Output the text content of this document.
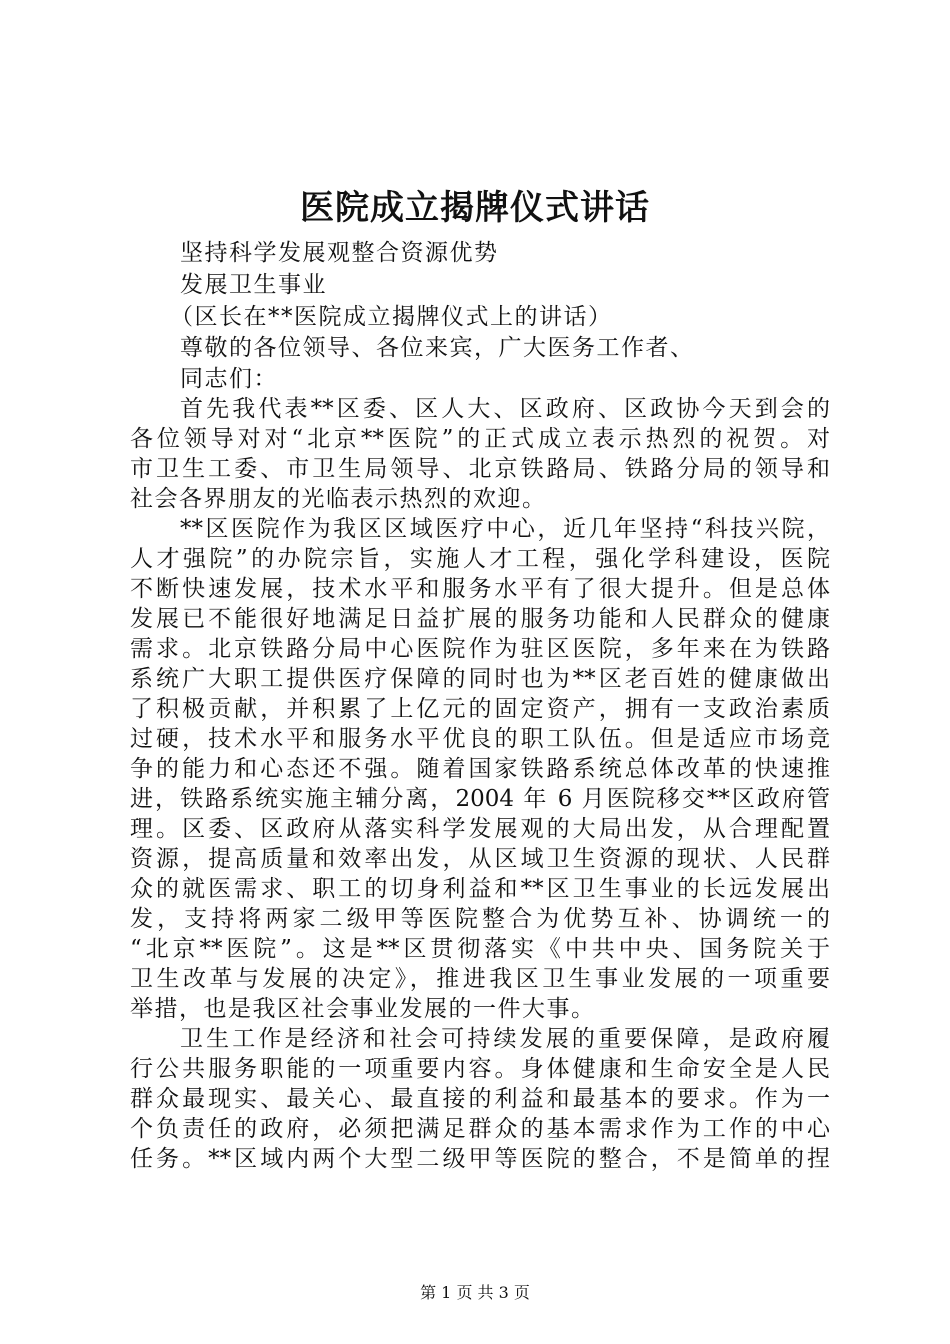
医院成立揭牌仪式讲话
坚持科学发展观整合资源优势
发展卫生事业
（区长在**医院成立揭牌仪式上的讲话）
尊敬的各位领导、各位来宾，广大医务工作者、
同志们：
首先我代表**区委、区人大、区政府、区政协今天到会的
各位领导对对“北京**医院”的正式成立表示热烈的祝贺。对
市卫生工委、市卫生局领导、北京铁路局、铁路分局的领导和
社会各界朋友的光临表示热烈的欢迎。
**区医院作为我区区域医疗中心，近几年坚持“科技兴院，
人才强院”的办院宗旨，实施人才工程，强化学科建设，医院
不断快速发展，技术水平和服务水平有了很大提升。但是总体
发展已不能很好地满足日益扩展的服务功能和人民群众的健康
需求。北京铁路分局中心医院作为驻区医院，多年来在为铁路
系统广大职工提供医疗保障的同时也为**区老百姓的健康做出
了积极贡献，并积累了上亿元的固定资产，拥有一支政治素质
过硬，技术水平和服务水平优良的职工队伍。但是适应市场竞
争的能力和心态还不强。随着国家铁路系统总体改革的快速推
进，铁路系统实施主辅分离，2004 年 6 月医院移交**区政府管
理。区委、区政府从落实科学发展观的大局出发，从合理配置
资源，提高质量和效率出发，从区域卫生资源的现状、人民群
众的就医需求、职工的切身利益和**区卫生事业的长远发展出
发，支持将两家二级甲等医院整合为优势互补、协调统一的
“北京**医院”。这是**区贯彻落实《中共中央、国务院关于
卫生改革与发展的决定》，推进我区卫生事业发展的一项重要
举措，也是我区社会事业发展的一件大事。
卫生工作是经济和社会可持续发展的重要保障，是政府履
行公共服务职能的一项重要内容。身体健康和生命安全是人民
群众最现实、最关心、最直接的利益和最基本的要求。作为一
个负责任的政府，必须把满足群众的基本需求作为工作的中心
任务。**区域内两个大型二级甲等医院的整合，不是简单的捏
第 1 页 共 3 页
